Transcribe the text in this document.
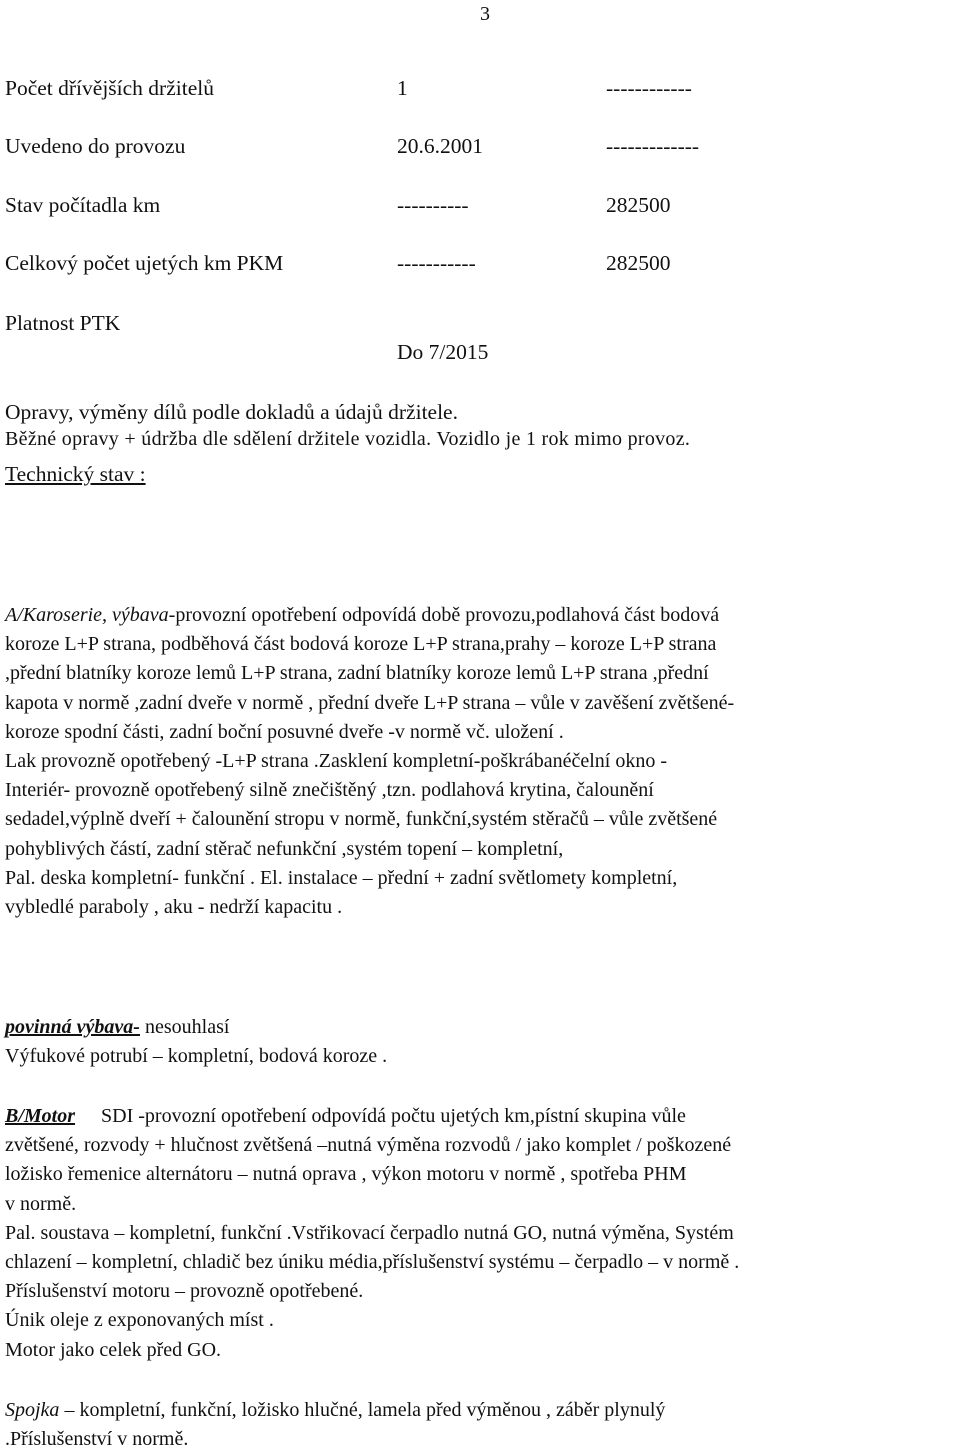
3
Počet dřívějších držitelů	1	------------
Uvedeno do provozu	20.6.2001	-------------
Stav počítadla km	----------	282500
Celkový počet ujetých km PKM	-----------	282500
Platnost PTK
Do 7/2015
Opravy, výměny dílů podle dokladů a údajů držitele.
Běžné opravy + údržba dle sdělení držitele vozidla. Vozidlo je 1 rok mimo provoz.
Technický stav :
A/Karoserie, výbava-provozní opotřebení odpovídá době provozu,podlahová část bodová
koroze L+P strana, podběhová část bodová koroze L+P strana,prahy – koroze L+P strana
,přední blatníky koroze lemů L+P strana, zadní blatníky koroze lemů L+P strana ,přední
kapota v normě ,zadní dveře v normě , přední dveře L+P strana – vůle v zavěšení zvětšené-
koroze spodní části, zadní boční posuvné dveře -v normě vč. uložení .
Lak provozně opotřebený -L+P strana .Zasklení kompletní-poškrábanéčelní okno -
Interiér- provozně opotřebený silně znečištěný ,tzn. podlahová krytina, čalounění
sedadel,výplně dveří + čalounění stropu v normě, funkční,systém stěračů – vůle zvětšené
pohyblivých částí, zadní stěrač nefunkční ,systém topení – kompletní,
Pal. deska kompletní- funkční . El. instalace – přední + zadní světlomety kompletní,
vybledlé paraboly , aku - nedrží kapacitu .
povinná výbava- nesouhlasí
Výfukové potrubí – kompletní, bodová koroze .
B/Motor SDI -provozní opotřebení odpovídá počtu ujetých km,pístní skupina vůle
zvětšené, rozvody + hlučnost zvětšená –nutná výměna rozvodů / jako komplet / poškozené
ložisko řemenice alternátoru – nutná oprava , výkon motoru v normě , spotřeba PHM
v normě.
Pal. soustava – kompletní, funkční .Vstřikovací čerpadlo nutná GO, nutná výměna, Systém
chlazení – kompletní, chladič bez úniku média,příslušenství systému – čerpadlo – v normě .
Příslušenství motoru – provozně opotřebené.
Únik oleje z exponovaných míst .
Motor jako celek před GO.
Spojka – kompletní, funkční, ložisko hlučné, lamela před výměnou , záběr plynulý
.Příslušenství v normě.
